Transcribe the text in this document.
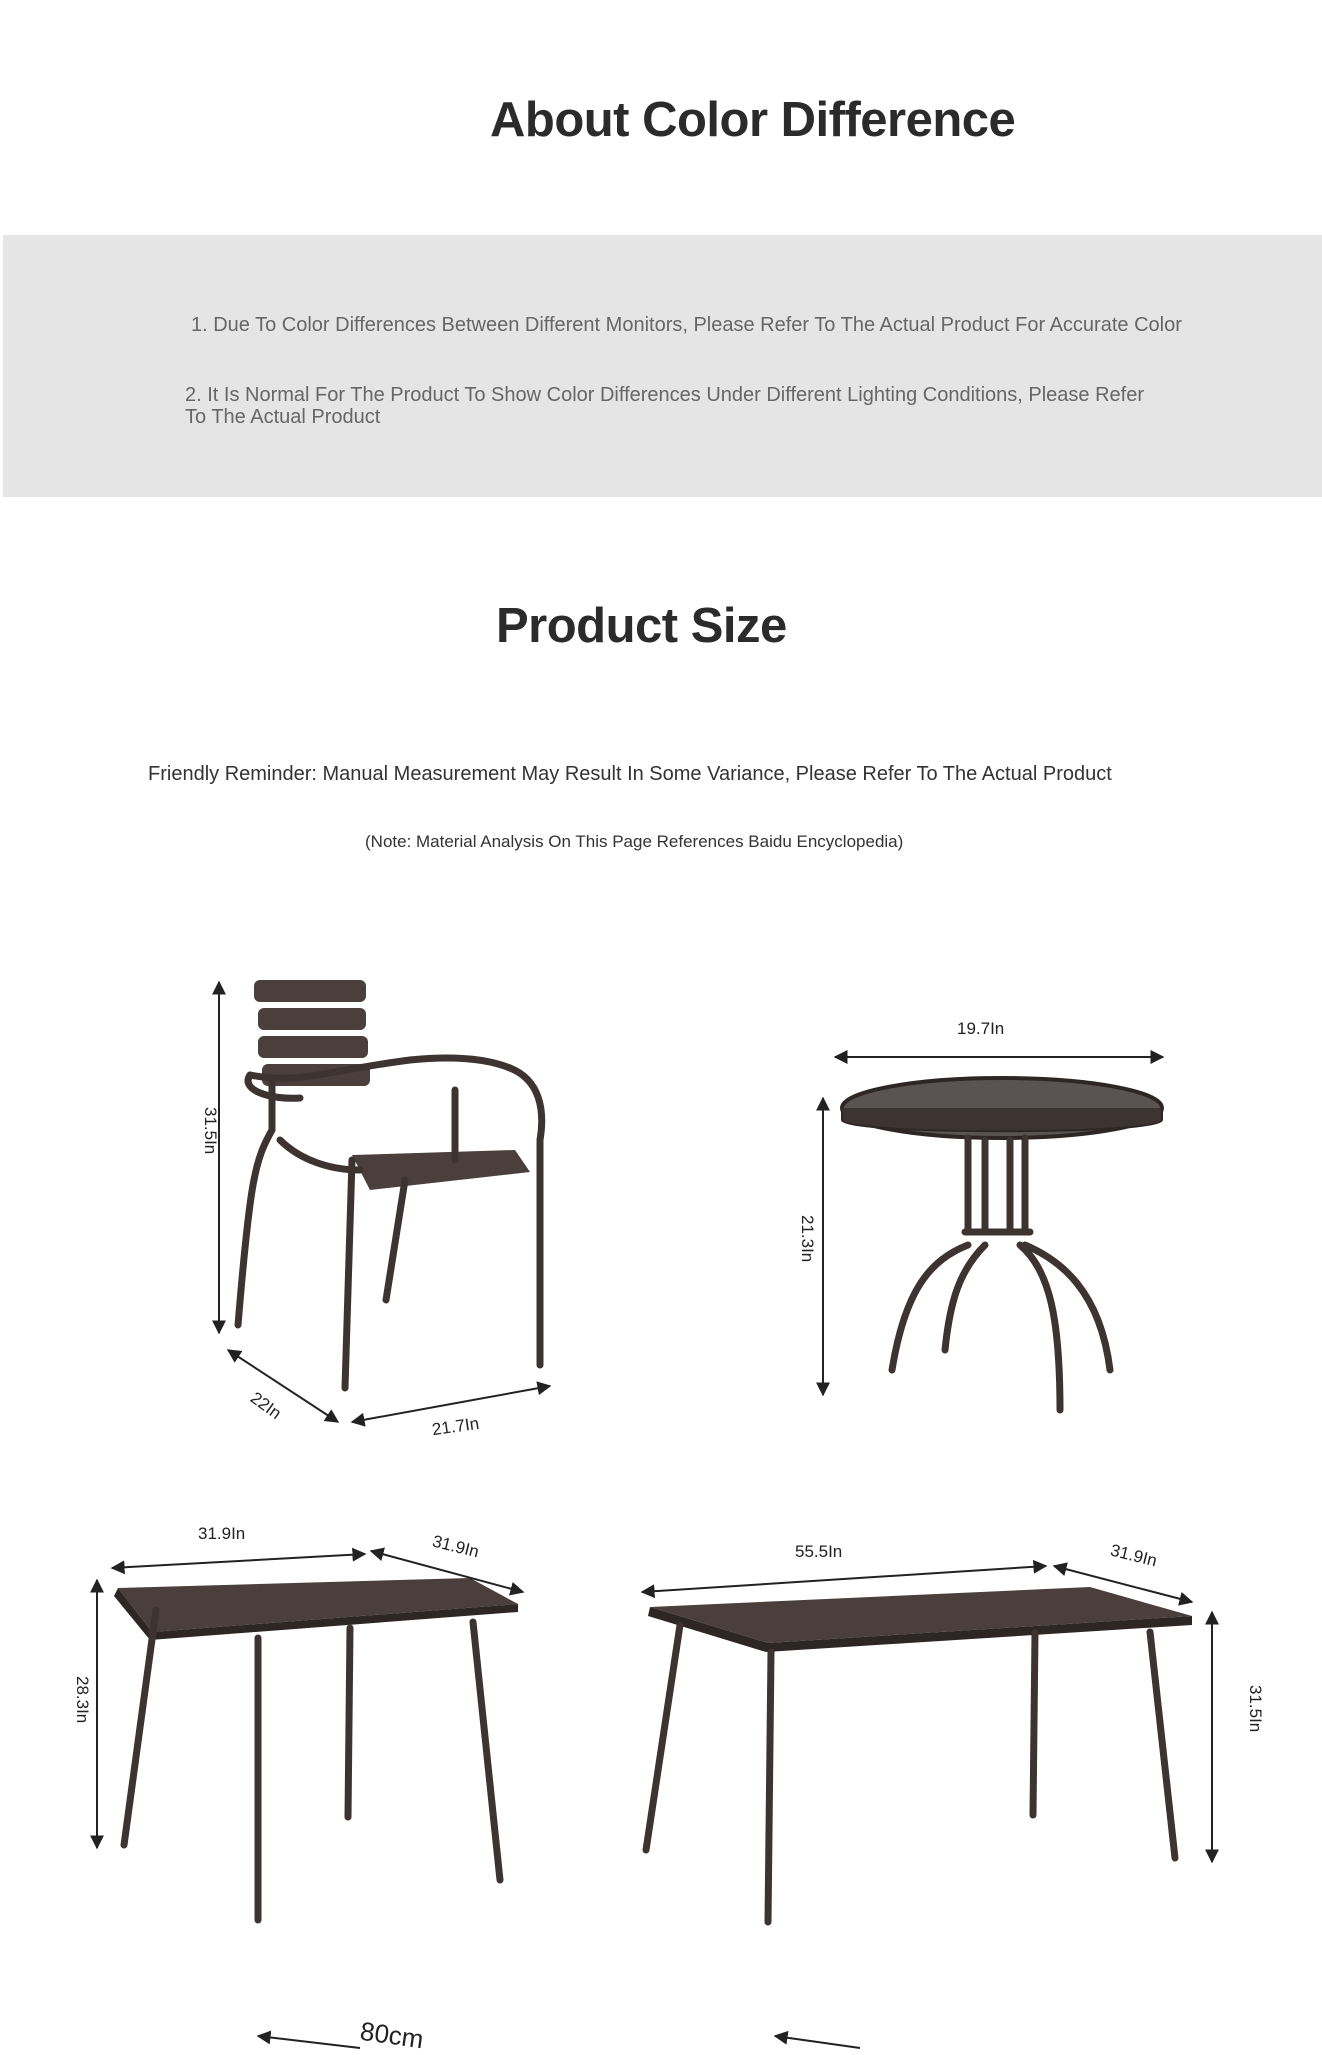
About Color Difference
1. Due To Color Differences Between Different Monitors, Please Refer To The Actual Product For Accurate Color
2. It Is Normal For The Product To Show Color Differences Under Different Lighting Conditions, Please Refer To The Actual Product
Product Size
Friendly Reminder: Manual Measurement May Result In Some Variance, Please Refer To The Actual Product
(Note: Material Analysis On This Page References Baidu Encyclopedia)
31.5In
22In
21.7In
19.7In
21.3In
31.9In	31.9In
28.3In
55.5In	31.9In
31.5In
80cm
